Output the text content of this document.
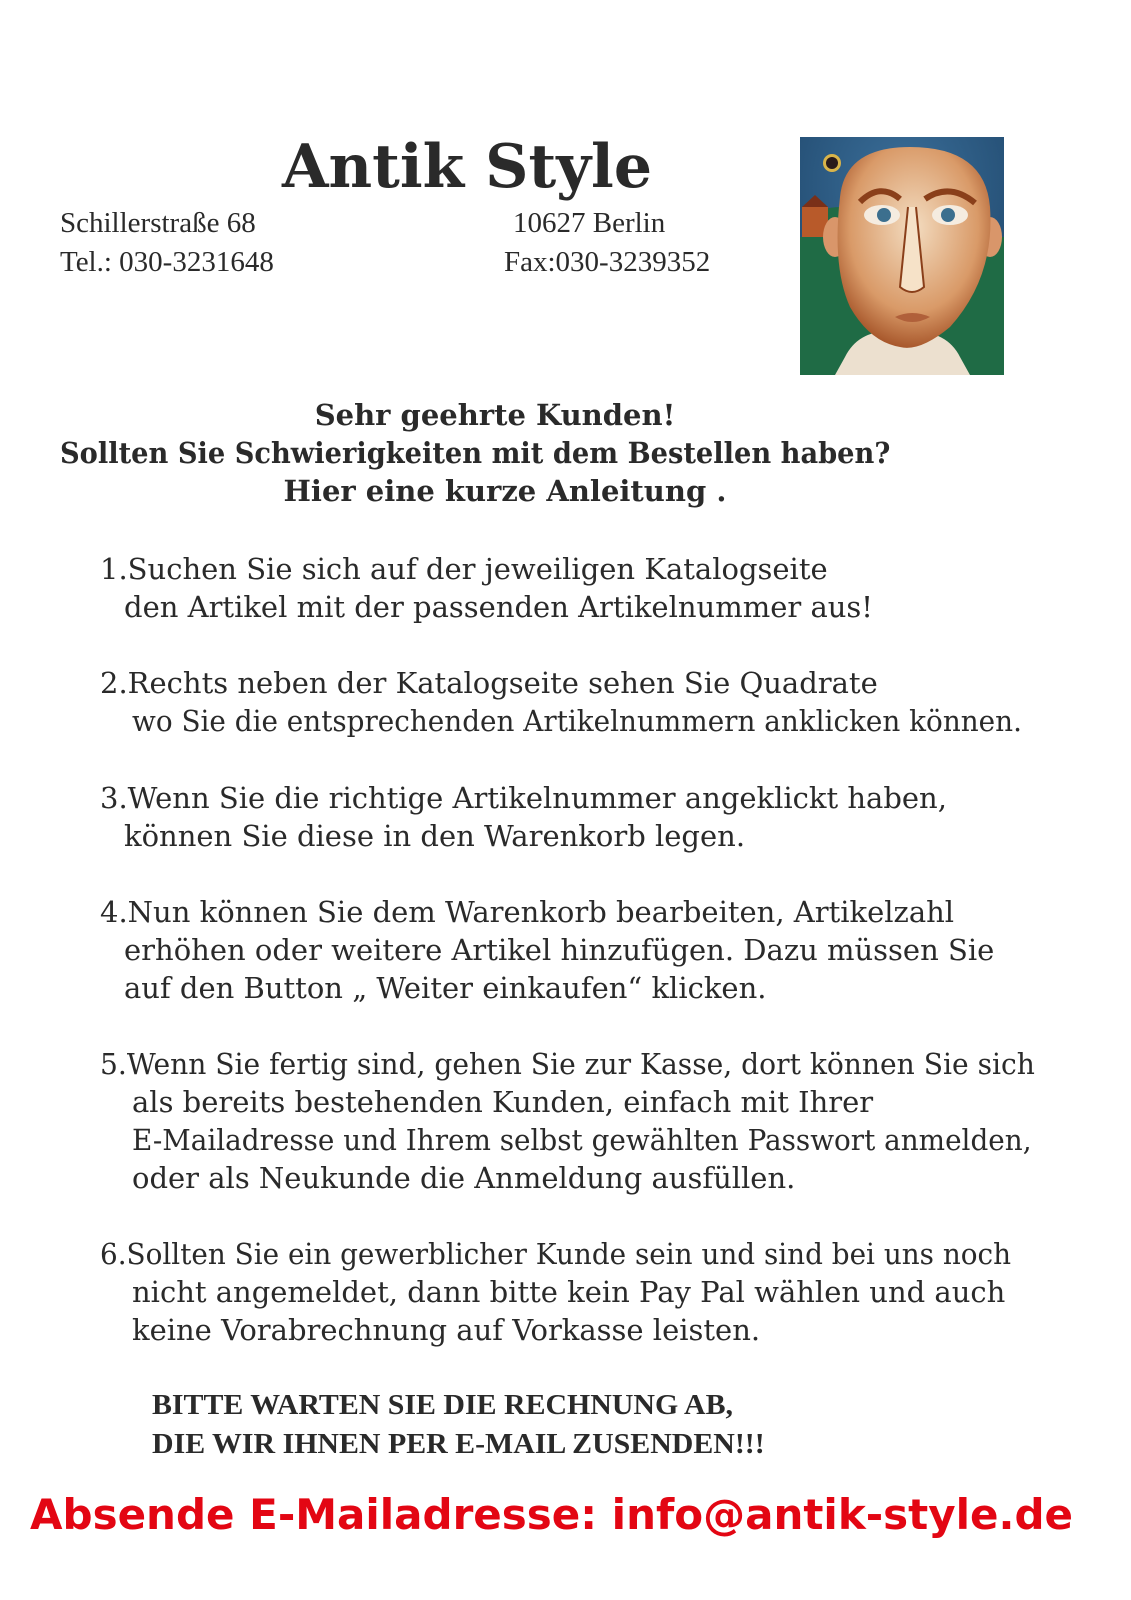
Antik Style
Schillerstraße 68	10627 Berlin
Tel.: 030-3231648	Fax:030-3239352
Sehr geehrte Kunden!
Sollten Sie Schwierigkeiten mit dem Bestellen haben?
Hier eine kurze Anleitung .
1.Suchen Sie sich auf der jeweiligen Katalogseite
den Artikel mit der passenden Artikelnummer aus!
2.Rechts neben der Katalogseite sehen Sie Quadrate
wo Sie die entsprechenden Artikelnummern anklicken können.
3.Wenn Sie die richtige Artikelnummer angeklickt haben,
können Sie diese in den Warenkorb legen.
4.Nun können Sie dem Warenkorb bearbeiten, Artikelzahl
erhöhen oder weitere Artikel hinzufügen. Dazu müssen Sie
auf den Button „ Weiter einkaufen“ klicken.
5.Wenn Sie fertig sind, gehen Sie zur Kasse, dort können Sie sich
als bereits bestehenden Kunden, einfach mit Ihrer
E-Mailadresse und Ihrem selbst gewählten Passwort anmelden,
oder als Neukunde die Anmeldung ausfüllen.
6.Sollten Sie ein gewerblicher Kunde sein und sind bei uns noch
nicht angemeldet, dann bitte kein Pay Pal wählen und auch
keine Vorabrechnung auf Vorkasse leisten.
BITTE WARTEN SIE DIE RECHNUNG AB,
DIE WIR IHNEN PER E-MAIL ZUSENDEN!!!
Absende E-Mailadresse: info@antik-style.de
